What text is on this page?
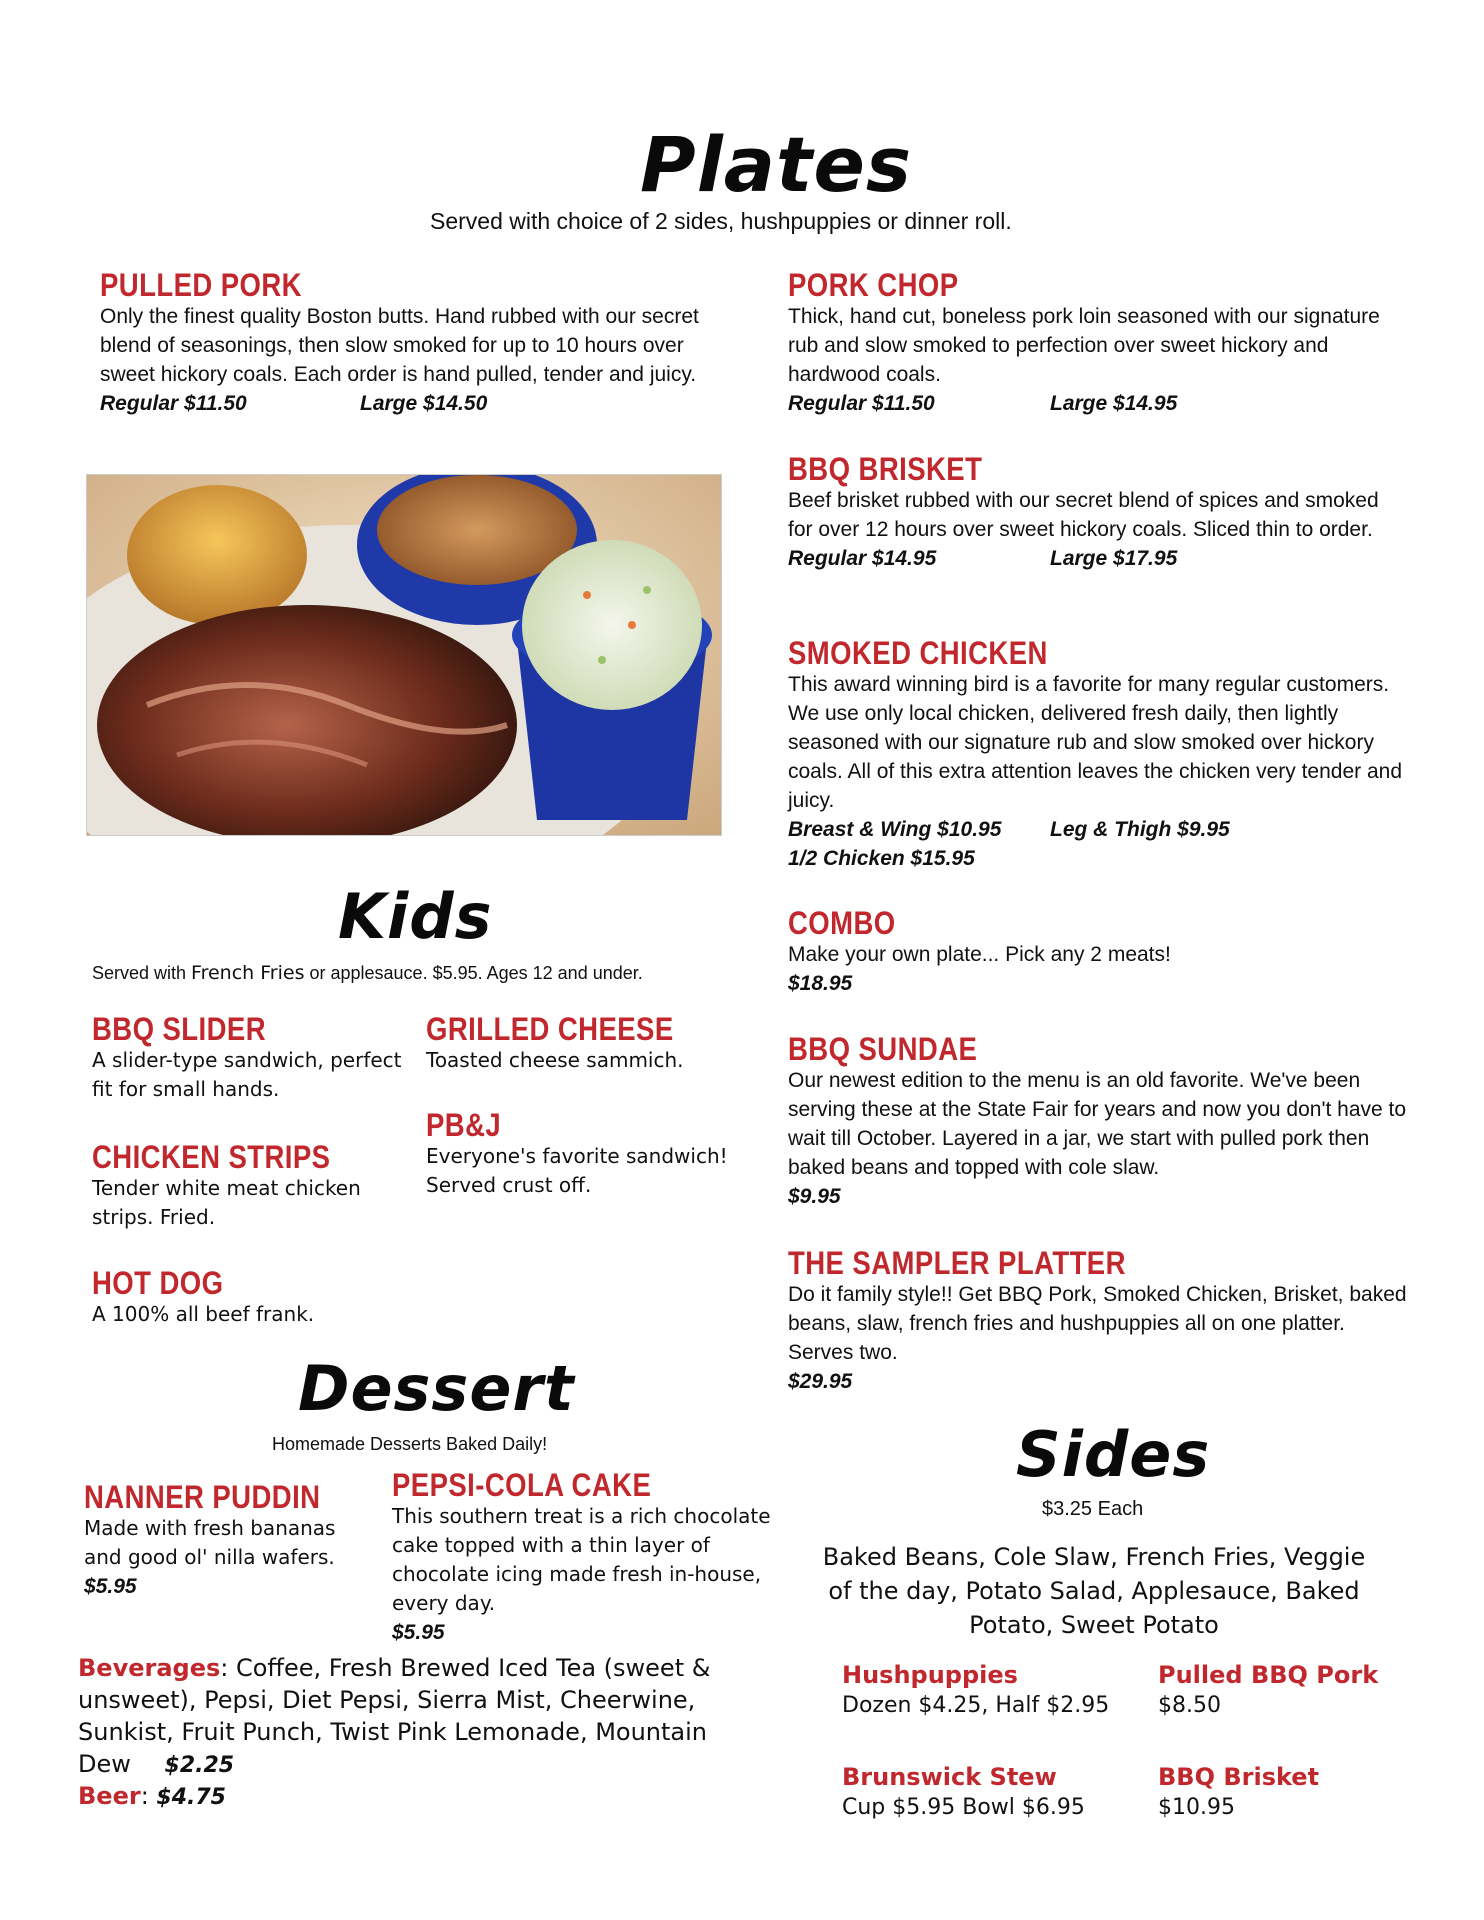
Plates
Served with choice of 2 sides, hushpuppies or dinner roll.
PULLED PORK
Only the finest quality Boston butts. Hand rubbed with our secret blend of seasonings, then slow smoked for up to 10 hours over sweet hickory coals. Each order is hand pulled, tender and juicy.
Regular $11.50	Large $14.50
Kids
Served with French Fries or applesauce. $5.95. Ages 12 and under.
BBQ SLIDER
A slider-type sandwich, perfect fit for small hands.
GRILLED CHEESE
Toasted cheese sammich.
PB&J
Everyone's favorite sandwich! Served crust off.
CHICKEN STRIPS
Tender white meat chicken strips. Fried.
HOT DOG
A 100% all beef frank.
Dessert
Homemade Desserts Baked Daily!
NANNER PUDDIN
Made with fresh bananas and good ol' nilla wafers.
$5.95
PEPSI-COLA CAKE
This southern treat is a rich chocolate cake topped with a thin layer of chocolate icing made fresh in-house, every day.
$5.95
Beverages: Coffee, Fresh Brewed Iced Tea (sweet & unsweet), Pepsi, Diet Pepsi, Sierra Mist, Cheerwine, Sunkist, Fruit Punch, Twist Pink Lemonade, Mountain Dew $2.25
Beer: $4.75
PORK CHOP
Thick, hand cut, boneless pork loin seasoned with our signature rub and slow smoked to perfection over sweet hickory and hardwood coals.
Regular $11.50	Large $14.95
BBQ BRISKET
Beef brisket rubbed with our secret blend of spices and smoked for over 12 hours over sweet hickory coals. Sliced thin to order.
Regular $14.95	Large $17.95
SMOKED CHICKEN
This award winning bird is a favorite for many regular customers. We use only local chicken, delivered fresh daily, then lightly seasoned with our signature rub and slow smoked over hickory coals. All of this extra attention leaves the chicken very tender and juicy.
Breast & Wing $10.95 Leg & Thigh $9.95
1/2 Chicken $15.95
COMBO
Make your own plate... Pick any 2 meats!
$18.95
BBQ SUNDAE
Our newest edition to the menu is an old favorite. We've been serving these at the State Fair for years and now you don't have to wait till October. Layered in a jar, we start with pulled pork then baked beans and topped with cole slaw.
$9.95
THE SAMPLER PLATTER
Do it family style!! Get BBQ Pork, Smoked Chicken, Brisket, baked beans, slaw, french fries and hushpuppies all on one platter. Serves two.
$29.95
Sides
$3.25 Each
Baked Beans, Cole Slaw, French Fries, Veggie of the day, Potato Salad, Applesauce, Baked Potato, Sweet Potato
Hushpuppies
Dozen $4.25, Half $2.95
Pulled BBQ Pork
$8.50
Brunswick Stew
Cup $5.95 Bowl $6.95
BBQ Brisket
$10.95
